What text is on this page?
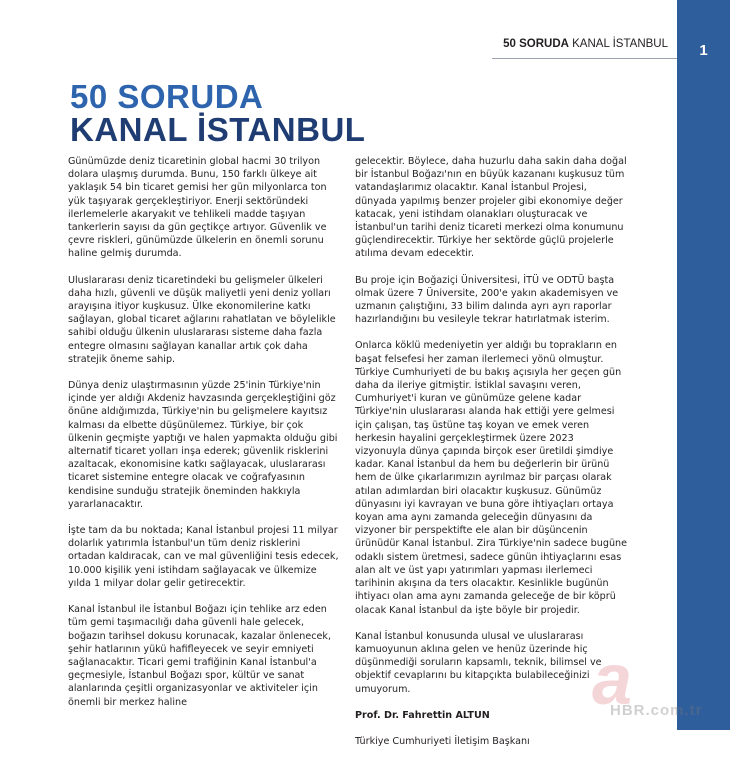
1
50 SORUDA KANAL İSTANBUL
50 SORUDA
KANAL İSTANBUL

Günümüzde deniz ticaretinin global hacmi 30 trilyon dolara ulaşmış durumda. Bunu, 150 farklı ülkeye ait yaklaşık 54 bin ticaret gemisi her gün milyonlarca ton yük taşıyarak gerçekleştiriyor. Enerji sektöründeki ilerlemelerle akaryakıt ve tehlikeli madde taşıyan tankerlerin sayısı da gün geçtikçe artıyor. Güvenlik ve çevre riskleri, günümüzde ülkelerin en önemli sorunu haline gelmiş durumda.

Uluslararası deniz ticaretindeki bu gelişmeler ülkeleri daha hızlı, güvenli ve düşük maliyetli yeni deniz yolları arayışına itiyor kuşkusuz. Ülke ekonomilerine katkı sağlayan, global ticaret ağlarını rahatlatan ve böylelikle sahibi olduğu ülkenin uluslararası sisteme daha fazla entegre olmasını sağlayan kanallar artık çok daha stratejik öneme sahip.

Dünya deniz ulaştırmasının yüzde 25'inin Türkiye'nin içinde yer aldığı Akdeniz havzasında gerçekleştiğini göz önüne aldığımızda, Türkiye'nin bu gelişmelere kayıtsız kalması da elbette düşünülemez. Türkiye, bir çok ülkenin geçmişte yaptığı ve halen yapmakta olduğu gibi alternatif ticaret yolları inşa ederek; güvenlik risklerini azaltacak, ekonomisine katkı sağlayacak, uluslararası ticaret sistemine entegre olacak ve coğrafyasının kendisine sunduğu stratejik öneminden hakkıyla yararlanacaktır.

İşte tam da bu noktada; Kanal İstanbul projesi 11 milyar dolarlık yatırımla İstanbul'un tüm deniz risklerini ortadan kaldıracak, can ve mal güvenliğini tesis edecek, 10.000 kişilik yeni istihdam sağlayacak ve ülkemize yılda 1 milyar dolar gelir getirecektir.

Kanal İstanbul ile İstanbul Boğazı için tehlike arz eden tüm gemi taşımacılığı daha güvenli hale gelecek, boğazın tarihsel dokusu korunacak, kazalar önlenecek, şehir hatlarının yükü hafifleyecek ve seyir emniyeti sağlanacaktır. Ticari gemi trafiğinin Kanal İstanbul'a geçmesiyle, İstanbul Boğazı spor, kültür ve sanat alanlarında çeşitli organizasyonlar ve aktiviteler için önemli bir merkez haline

gelecektir. Böylece, daha huzurlu daha sakin daha doğal bir İstanbul Boğazı'nın en büyük kazananı kuşkusuz tüm vatandaşlarımız olacaktır. Kanal İstanbul Projesi, dünyada yapılmış benzer projeler gibi ekonomiye değer katacak, yeni istihdam olanakları oluşturacak ve İstanbul'un tarihi deniz ticareti merkezi olma konumunu güçlendirecektir. Türkiye her sektörde güçlü projelerle atılıma devam edecektir.

Bu proje için Boğaziçi Üniversitesi, İTÜ ve ODTÜ başta olmak üzere 7 Üniversite, 200'e yakın akademisyen ve uzmanın çalıştığını, 33 bilim dalında ayrı ayrı raporlar hazırlandığını bu vesileyle tekrar hatırlatmak isterim.

Onlarca köklü medeniyetin yer aldığı bu toprakların en başat felsefesi her zaman ilerlemeci yönü olmuştur. Türkiye Cumhuriyeti de bu bakış açısıyla her geçen gün daha da ileriye gitmiştir. İstiklal savaşını veren, Cumhuriyet'i kuran ve günümüze gelene kadar Türkiye'nin uluslararası alanda hak ettiği yere gelmesi için çalışan, taş üstüne taş koyan ve emek veren herkesin hayalini gerçekleştirmek üzere 2023 vizyonuyla dünya çapında birçok eser üretildi şimdiye kadar. Kanal İstanbul da hem bu değerlerin bir ürünü hem de ülke çıkarlarımızın ayrılmaz bir parçası olarak atılan adımlardan biri olacaktır kuşkusuz. Günümüz dünyasını iyi kavrayan ve buna göre ihtiyaçları ortaya koyan ama aynı zamanda geleceğin dünyasını da vizyoner bir perspektifte ele alan bir düşüncenin ürünüdür Kanal İstanbul. Zira Türkiye'nin sadece bugüne odaklı sistem üretmesi, sadece günün ihtiyaçlarını esas alan alt ve üst yapı yatırımları yapması ilerlemeci tarihinin akışına da ters olacaktır. Kesinlikle bugünün ihtiyacı olan ama aynı zamanda geleceğe de bir köprü olacak Kanal İstanbul da işte böyle bir projedir.

Kanal İstanbul konusunda ulusal ve uluslararası kamuoyunun aklına gelen ve henüz üzerinde hiç düşünmediği soruların kapsamlı, teknik, bilimsel ve objektif cevaplarını bu kitapçıkta bulabileceğinizi umuyorum.

Prof. Dr. Fahrettin ALTUN

Türkiye Cumhuriyeti İletişim Başkanı

a
HBR.com.tr
